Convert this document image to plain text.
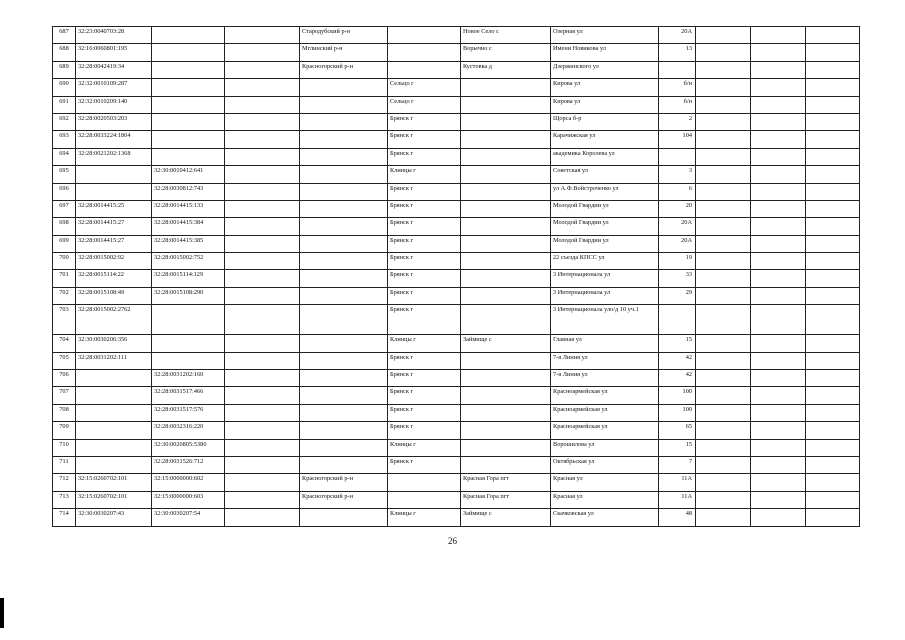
687	32:23:0040703:28			Стародубский р-н		Новое Село с	Озерная ул	20А			
688	32:16:0060801:195			Мглинский р-н		Ворычно с	Имени Новикова ул	13			
689	32:28:0042419:34			Красногорский р-н		Кустовка д	Дзержинского ул				
690	32:32:0010109:287				Сельцо г		Кирова ул	б/н			
691	32:32:0010209:140				Сельцо г		Кирова ул	б/н			
692	32:28:0020503:203				Брянск г		Щорса б-р	2			
693	32:28:0033224:1804				Брянск г		Карачижская ул	104			
694	32:28:0021202:1368				Брянск г		академика Королева ул				
695		32:30:0010412:641			Клинцы г		Советская ул	3			
696		32:28:0030812:743			Брянск г		ул А.Ф.Войстроченко ул	6			
697	32:28:0014415:25	32:28:0014415:133			Брянск г		Молодой Гвардии ул	20			
698	32:28:0014415:27	32:28:0014415:384			Брянск г		Молодой Гвардии ул	20А			
699	32:28:0014415:27	32:28:0014415:385			Брянск г		Молодой Гвардии ул	20А			
700	32:28:0015002:92	32:28:0015002:752			Брянск г		22 съезда КПСС ул	19			
701	32:28:0015114:22	32:28:0015114:129			Брянск г		3 Интернационала ул	33			
702	32:28:0015108:49	32:28:0015108:290			Брянск г		3 Интернационала ул	29			
703	32:28:0015002:2762				Брянск г		3 Интернационала уло/д 10 уч.1				
704	32:30:0030206:356				Клинцы г	Займище с	Главная ул	15			
705	32:28:0031202:111				Брянск г		7-я Линия ул	42			
706		32:28:0031202:160			Брянск г		7-я Линия ул	42			
707		32:28:0031517:466			Брянск г		Красноармейская ул	100			
708		32:28:0031517:576			Брянск г		Красноармейская ул	100			
709		32:28:0032316:220			Брянск г		Красноармейская ул	65			
710		32:30:0020805:5380			Клинцы г		Ворошилова ул	15			
711		32:28:0031526:712			Брянск г		Октябрьская ул	7			
712	32:15:0260702:101	32:15:0000000:602		Красногорский р-н		Красная Гора пгт	Красная ул	11А			
713	32:15:0260702:101	32:15:0000000:603		Красногорский р-н		Красная Гора пгт	Красная ул	11А			
714	32:30:0030207:43	32:30:0030207:54			Клинцы г	Займище с	Скачковская ул	48			
26
